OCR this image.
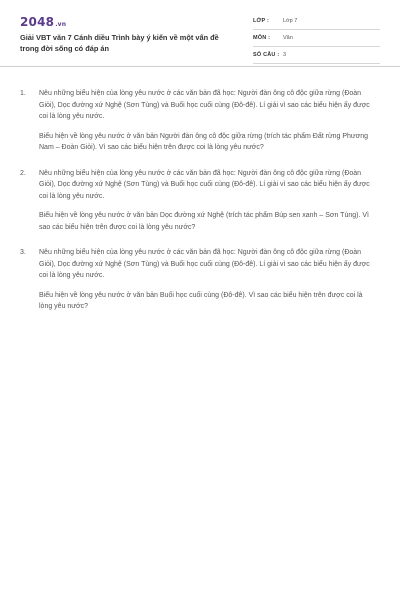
2048.vn
Giải VBT văn 7 Cánh diều Trình bày ý kiến về một vấn đề trong đời sống có đáp án
LỚP :	Lớp 7
MÔN :	Văn
SỐ CÂU : 3
1.	Nêu những biểu hiện của lòng yêu nước ở các văn bản đã học: Người đàn ông cô độc giữa rừng (Đoàn Giỏi), Dọc đường xứ Nghệ (Sơn Tùng) và Buổi học cuối cùng (Đô-đê). Lí giải vì sao các biểu hiện ấy được coi là lòng yêu nước.

Biểu hiện về lòng yêu nước ở văn bản Người đàn ông cô độc giữa rừng (trích tác phẩm Đất rừng Phương Nam – Đoàn Giỏi). Vì sao các biểu hiện trên được coi là lòng yêu nước?

2.	Nêu những biểu hiện của lòng yêu nước ở các văn bản đã học: Người đàn ông cô độc giữa rừng (Đoàn Giỏi), Dọc đường xứ Nghệ (Sơn Tùng) và Buổi học cuối cùng (Đô-đê). Lí giải vì sao các biểu hiện ấy được coi là lòng yêu nước.

Biểu hiện về lòng yêu nước ở văn bản Dọc đường xứ Nghệ (trích tác phẩm Búp sen xanh – Sơn Tùng). Vì sao các biểu hiện trên được coi là lòng yêu nước?

3.	Nêu những biểu hiện của lòng yêu nước ở các văn bản đã học: Người đàn ông cô độc giữa rừng (Đoàn Giỏi), Dọc đường xứ Nghệ (Sơn Tùng) và Buổi học cuối cùng (Đô-đê). Lí giải vì sao các biểu hiện ấy được coi là lòng yêu nước.

Biểu hiện về lòng yêu nước ở văn bản Buổi học cuối cùng (Đô-đê). Vì sao các biểu hiện trên được coi là lòng yêu nước?
